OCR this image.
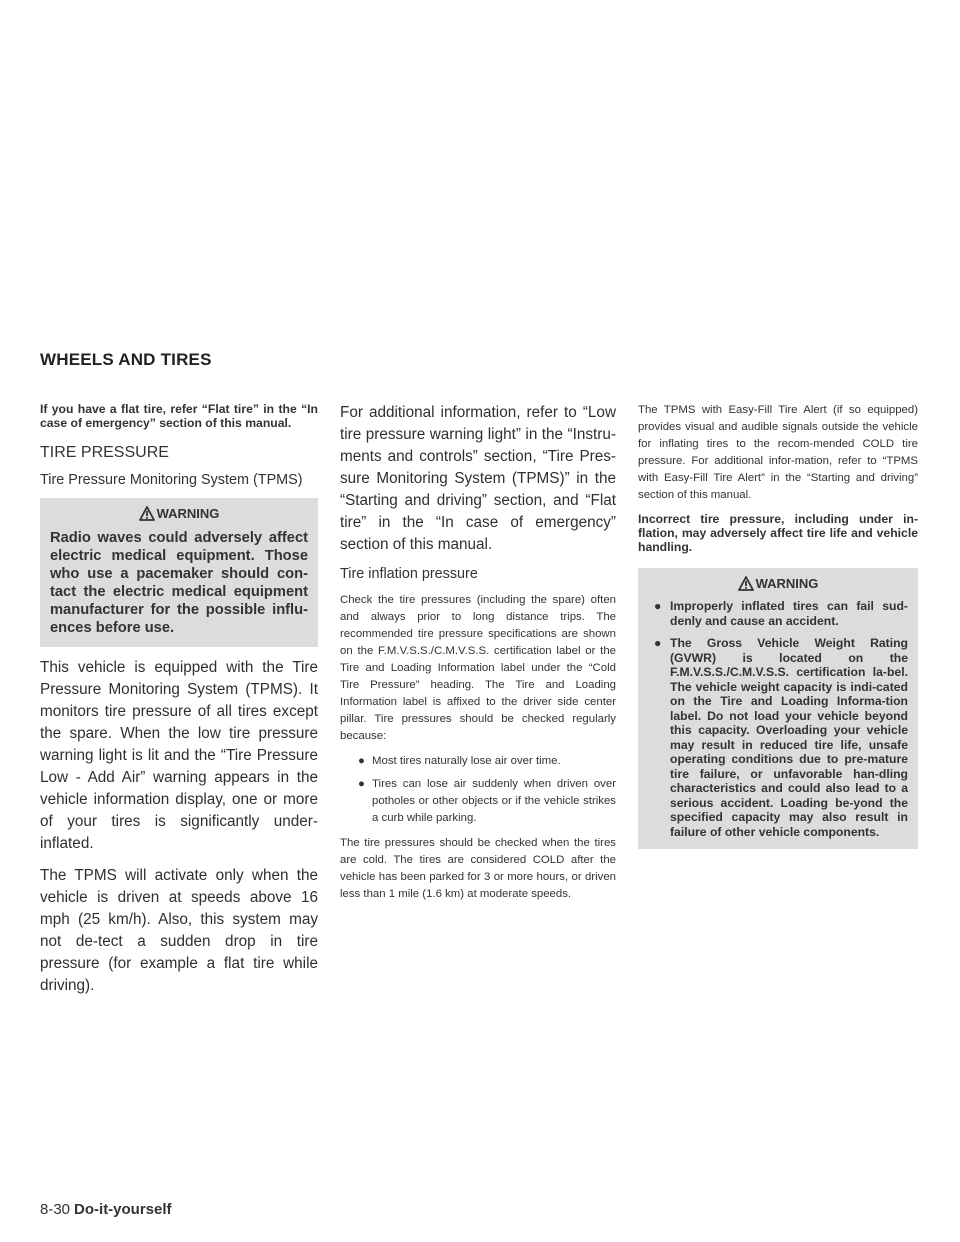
WHEELS AND TIRES

If you have a flat tire, refer “Flat tire” in the “In case of emergency” section of this manual.

TIRE PRESSURE

Tire Pressure Monitoring System (TPMS)

WARNING

Radio waves could adversely affect electric medical equipment. Those who use a pacemaker should con-tact the electric medical equipment manufacturer for the possible influ-ences before use.

This vehicle is equipped with the Tire Pressure Monitoring System (TPMS). It monitors tire pressure of all tires except the spare. When the low tire pressure warning light is lit and the “Tire Pressure Low - Add Air” warning appears in the vehicle information display, one or more of your tires is significantly under-inflated.

The TPMS will activate only when the vehicle is driven at speeds above 16 mph (25 km/h). Also, this system may not de-tect a sudden drop in tire pressure (for example a flat tire while driving).

For additional information, refer to “Low tire pressure warning light” in the “Instru-ments and controls” section, “Tire Pres-sure Monitoring System (TPMS)” in the “Starting and driving” section, and “Flat tire” in the “In case of emergency” section of this manual.

Tire inflation pressure

Check the tire pressures (including the spare) often and always prior to long distance trips. The recommended tire pressure specifications are shown on the F.M.V.S.S./C.M.V.S.S. certification label or the Tire and Loading Information label under the “Cold Tire Pressure” heading. The Tire and Loading Information label is affixed to the driver side center pillar. Tire pressures should be checked regularly because:

● Most tires naturally lose air over time.
● Tires can lose air suddenly when driven over potholes or other objects or if the vehicle strikes a curb while parking.

The tire pressures should be checked when the tires are cold. The tires are considered COLD after the vehicle has been parked for 3 or more hours, or driven less than 1 mile (1.6 km) at moderate speeds.

The TPMS with Easy-Fill Tire Alert (if so equipped) provides visual and audible signals outside the vehicle for inflating tires to the recom-mended COLD tire pressure. For additional infor-mation, refer to “TPMS with Easy-Fill Tire Alert” in the “Starting and driving” section of this manual.

Incorrect tire pressure, including under in-flation, may adversely affect tire life and vehicle handling.

WARNING
● Improperly inflated tires can fail sud-denly and cause an accident.
● The Gross Vehicle Weight Rating (GVWR) is located on the F.M.V.S.S./C.M.V.S.S. certification la-bel. The vehicle weight capacity is indi-cated on the Tire and Loading Informa-tion label. Do not load your vehicle beyond this capacity. Overloading your vehicle may result in reduced tire life, unsafe operating conditions due to pre-mature tire failure, or unfavorable han-dling characteristics and could also lead to a serious accident. Loading be-yond the specified capacity may also result in failure of other vehicle components.
8-30 Do-it-yourself
